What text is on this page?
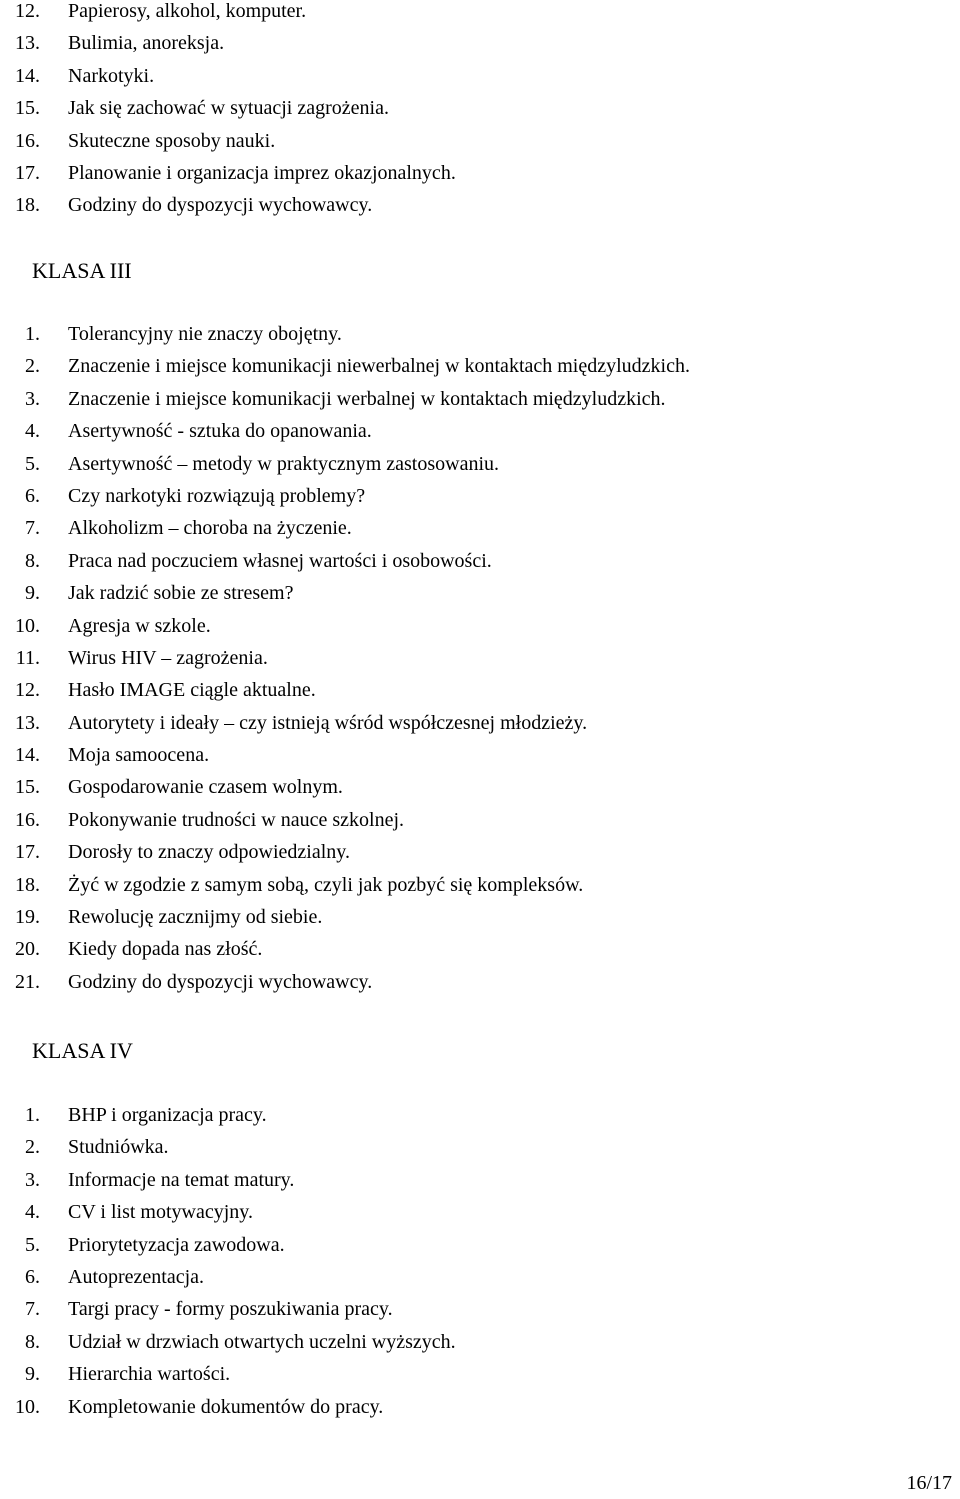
12. Papierosy, alkohol, komputer.
13. Bulimia, anoreksja.
14. Narkotyki.
15. Jak się zachować w sytuacji zagrożenia.
16. Skuteczne sposoby nauki.
17. Planowanie i organizacja imprez okazjonalnych.
18. Godziny do dyspozycji wychowawcy.
KLASA III
1. Tolerancyjny nie znaczy obojętny.
2. Znaczenie i miejsce komunikacji niewerbalnej w kontaktach międzyludzkich.
3. Znaczenie i miejsce komunikacji werbalnej w kontaktach międzyludzkich.
4. Asertywność - sztuka do opanowania.
5. Asertywność – metody w praktycznym zastosowaniu.
6. Czy narkotyki rozwiązują problemy?
7. Alkoholizm – choroba na życzenie.
8. Praca nad poczuciem własnej wartości i osobowości.
9. Jak radzić sobie ze stresem?
10. Agresja w szkole.
11. Wirus HIV – zagrożenia.
12. Hasło IMAGE ciągle aktualne.
13. Autorytety i ideały – czy istnieją wśród współczesnej młodzieży.
14. Moja samoocena.
15. Gospodarowanie czasem wolnym.
16. Pokonywanie trudności w nauce szkolnej.
17. Dorosły to znaczy odpowiedzialny.
18. Żyć w zgodzie z samym sobą, czyli jak pozbyć się kompleksów.
19. Rewolucję zacznijmy od siebie.
20. Kiedy dopada nas złość.
21. Godziny do dyspozycji wychowawcy.
KLASA IV
1. BHP i organizacja pracy.
2. Studniówka.
3. Informacje na temat matury.
4. CV i list motywacyjny.
5. Priorytetyzacja zawodowa.
6. Autoprezentacja.
7. Targi pracy - formy poszukiwania pracy.
8. Udział w drzwiach otwartych uczelni wyższych.
9. Hierarchia wartości.
10. Kompletowanie dokumentów do pracy.
16/17
